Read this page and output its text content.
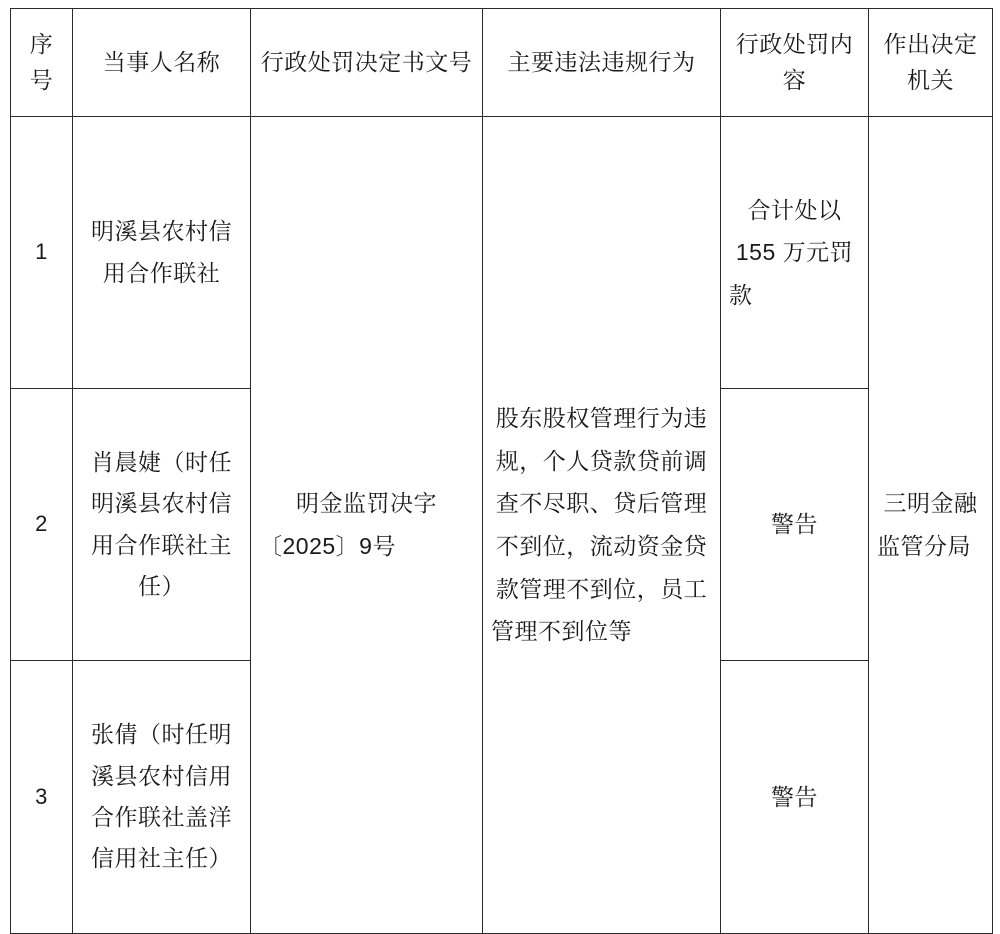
序号	当事人名称	行政处罚决定书文号	主要违法违规行为	行政处罚内容	作出决定机关
1	明溪县农村信用合作联社	明金监罚决字〔2025〕9号	股东股权管理行为违规，个人贷款贷前调查不尽职、贷后管理不到位，流动资金贷款管理不到位，员工管理不到位等	合计处以 155 万元罚款	三明金融监管分局
2	肖晨婕（时任明溪县农村信用合作联社主任）			警告	
3	张倩（时任明溪县农村信用合作联社盖洋信用社主任）			警告	
